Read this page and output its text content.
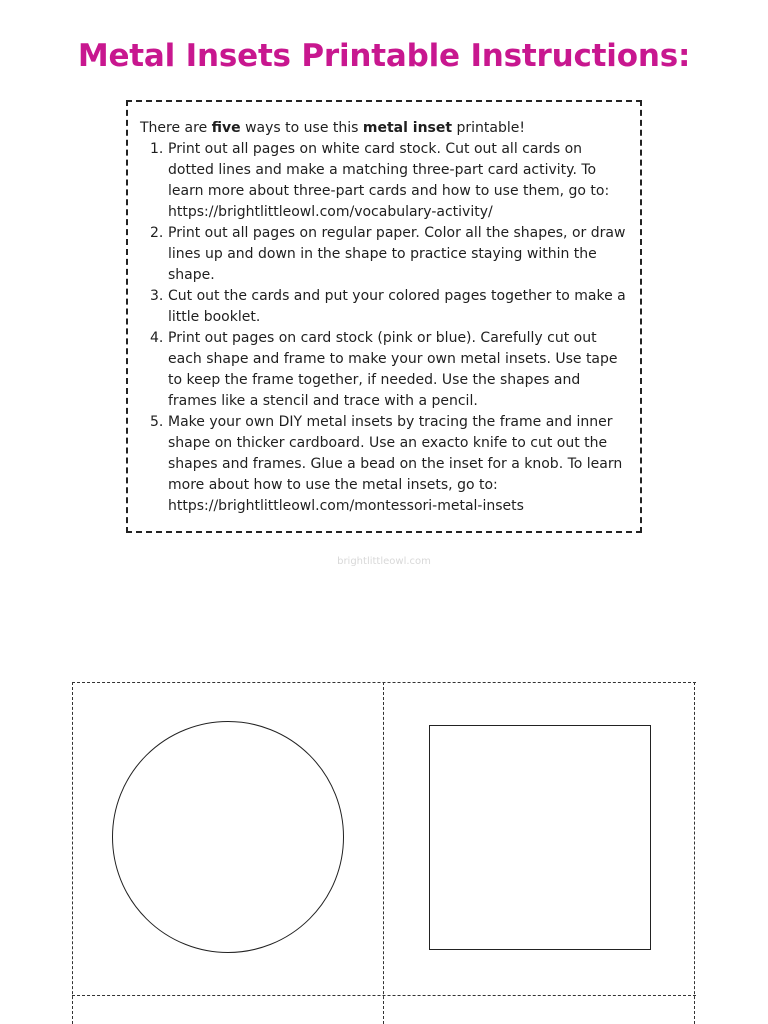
Metal Insets Printable Instructions:
There are five ways to use this metal inset printable!
1. Print out all pages on white card stock. Cut out all cards on dotted lines and make a matching three-part card activity. To learn more about three-part cards and how to use them, go to: https://brightlittleowl.com/vocabulary-activity/
2. Print out all pages on regular paper. Color all the shapes, or draw lines up and down in the shape to practice staying within the shape.
3. Cut out the cards and put your colored pages together to make a little booklet.
4. Print out pages on card stock (pink or blue). Carefully cut out each shape and frame to make your own metal insets. Use tape to keep the frame together, if needed. Use the shapes and frames like a stencil and trace with a pencil.
5. Make your own DIY metal insets by tracing the frame and inner shape on thicker cardboard. Use an exacto knife to cut out the shapes and frames. Glue a bead on the inset for a knob. To learn more about how to use the metal insets, go to: https://brightlittleowl.com/montessori-metal-insets
brightlittleowl.com
